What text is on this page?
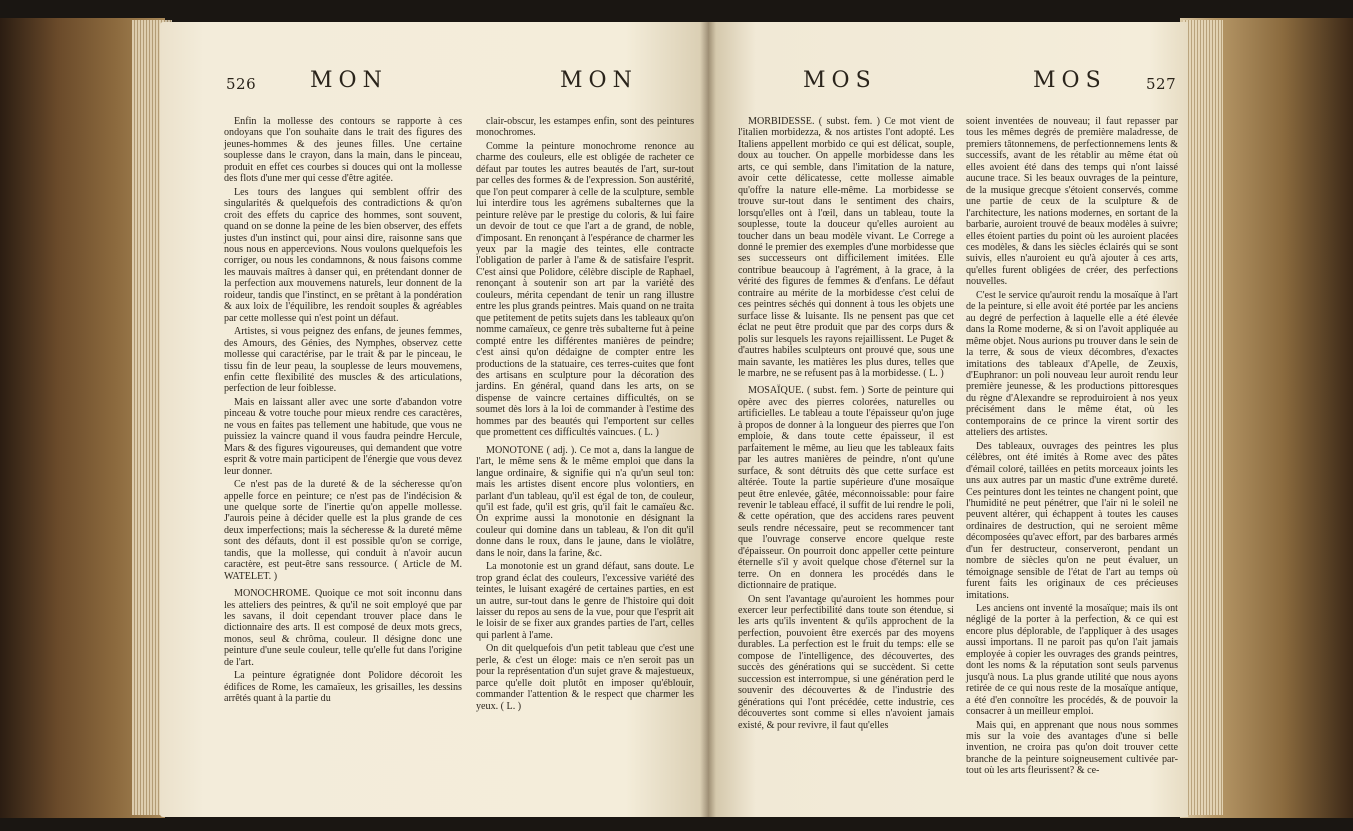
526 MON	MON

Enfin la mollesse des contours se rapporte à ces ondoyans que l'on souhaite dans le trait des figures des jeunes-hommes & des jeunes filles. Une certaine souplesse dans le crayon, dans la main, dans le pinceau, produit en effet ces courbes si douces qui ont la mollesse des flots d'une mer qui cesse d'être agitée.

Les tours des langues qui semblent offrir des singularités & quelquefois des contradictions & qu'on croit des effets du caprice des hommes, sont souvent, quand on se donne la peine de les bien observer, des effets justes d'un instinct qui, pour ainsi dire, raisonne sans que nous nous en appercevions. Nous voulons quelquefois les corriger, ou nous les condamnons, & nous faisons comme les mauvais maîtres à danser qui, en prétendant donner de la perfection aux mouvemens naturels, leur donnent de la roideur, tandis que l'instinct, en se prêtant à la pondération & aux loix de l'équilibre, les rendoit souples & agréables par cette mollesse qui n'est point un défaut.

Artistes, si vous peignez des enfans, de jeunes femmes, des Amours, des Génies, des Nymphes, observez cette mollesse qui caractérise, par le trait & par le pinceau, le tissu fin de leur peau, la souplesse de leurs mouvemens, enfin cette flexibilité des muscles & des articulations, perfection de leur foiblesse.

Mais en laissant aller avec une sorte d'abandon votre pinceau & votre touche pour mieux rendre ces caractères, ne vous en faites pas tellement une habitude, que vous ne puissiez la vaincre quand il vous faudra peindre Hercule, Mars & des figures vigoureuses, qui demandent que votre esprit & votre main participent de l'énergie que vous devez leur donner.

Ce n'est pas de la dureté & de la sécheresse qu'on appelle force en peinture; ce n'est pas de l'indécision & une quelque sorte de l'inertie qu'on appelle mollesse. J'aurois peine à décider quelle est la plus grande de ces deux imperfections; mais la sécheresse & la dureté même sont des défauts, dont il est possible qu'on se corrige, tandis, que la mollesse, qui conduit à n'avoir aucun caractère, est peut-être sans ressource. ( Article de M. WATELET. )

MONOCHROME. Quoique ce mot soit inconnu dans les atteliers des peintres, & qu'il ne soit employé que par les savans, il doit cependant trouver place dans le dictionnaire des arts. Il est composé de deux mots grecs, monos, seul & chrôma, couleur. Il désigne donc une peinture d'une seule couleur, telle qu'elle fut dans l'origine de l'art.

La peinture égratignée dont Polidore décoroit les édifices de Rome, les camaïeux, les grisailles, les dessins arrêtés quant à la partie du

clair-obscur, les estampes enfin, sont des peintures monochromes.

Comme la peinture monochrome renonce au charme des couleurs, elle est obligée de racheter ce défaut par toutes les autres beautés de l'art, sur-tout par celles des formes & de l'expression. Son austérité, que l'on peut comparer à celle de la sculpture, semble lui interdire tous les agrémens subalternes que la peinture relève par le prestige du coloris, & lui faire un devoir de tout ce que l'art a de grand, de noble, d'imposant. En renonçant à l'espérance de charmer les yeux par la magie des teintes, elle contracte l'obligation de parler à l'ame & de satisfaire l'esprit. C'est ainsi que Polidore, célèbre disciple de Raphael, renonçant à soutenir son art par la variété des couleurs, mérita cependant de tenir un rang illustre entre les plus grands peintres. Mais quand on ne traita que petitement de petits sujets dans les tableaux qu'on nomme camaïeux, ce genre très subalterne fut à peine compté entre les différentes manières de peindre; c'est ainsi qu'on dédaigne de compter entre les productions de la statuaire, ces terres-cuites que font des artisans en sculpture pour la décoration des jardins. En général, quand dans les arts, on se dispense de vaincre certaines difficultés, on se soumet dès lors à la loi de commander à l'estime des hommes par des beautés qui l'emportent sur celles que promettent ces difficultés vaincues. ( L. )

MONOTONE ( adj. ). Ce mot a, dans la langue de l'art, le même sens & le même emploi que dans la langue ordinaire, & signifie qui n'a qu'un seul ton: mais les artistes disent encore plus volontiers, en parlant d'un tableau, qu'il est égal de ton, de couleur, qu'il est fade, qu'il est gris, qu'il fait le camaïeu &c. On exprime aussi la monotonie en désignant la couleur qui domine dans un tableau, & l'on dit qu'il donne dans le roux, dans le jaune, dans le violâtre, dans le noir, dans la farine, &c.

La monotonie est un grand défaut, sans doute. Le trop grand éclat des couleurs, l'excessive variété des teintes, le luisant exagéré de certaines parties, en est un autre, sur-tout dans le genre de l'histoire qui doit laisser du repos au sens de la vue, pour que l'esprit ait le loisir de se fixer aux grandes parties de l'art, celles qui parlent à l'ame.

On dit quelquefois d'un petit tableau que c'est une perle, & c'est un éloge: mais ce n'en seroit pas un pour la représentation d'un sujet grave & majestueux, parce qu'elle doit plutôt en imposer qu'éblouir, commander l'attention & le respect que charmer les yeux. ( L. )

MOS	MOS	527

MORBIDESSE. ( subst. fem. ) Ce mot vient de l'italien morbidezza, & nos artistes l'ont adopté. Les Italiens appellent morbido ce qui est délicat, souple, doux au toucher. On appelle morbidesse dans les arts, ce qui semble, dans l'imitation de la nature, avoir cette délicatesse, cette mollesse aimable qu'offre la nature elle-même. La morbidesse se trouve sur-tout dans le sentiment des chairs, lorsqu'elles ont à l'œil, dans un tableau, toute la souplesse, toute la douceur qu'elles auroient au toucher dans un beau modèle vivant. Le Correge a donné le premier des exemples d'une morbidesse que ses successeurs ont difficilement imitées. Elle contribue beaucoup à l'agrément, à la grace, à la vérité des figures de femmes & d'enfans. Le défaut contraire au mérite de la morbidesse c'est celui de ces peintres séchés qui donnent à tous les objets une surface lisse & luisante. Ils ne pensent pas que cet éclat ne peut être produit que par des corps durs & polis sur lesquels les rayons rejaillissent. Le Puget & d'autres habiles sculpteurs ont prouvé que, sous une main savante, les matières les plus dures, telles que le marbre, ne se refusent pas à la morbidesse. ( L. )

MOSAÏQUE. ( subst. fem. ) Sorte de peinture qui opère avec des pierres colorées, naturelles ou artificielles. Le tableau a toute l'épaisseur qu'on juge à propos de donner à la longueur des pierres que l'on emploie, & dans toute cette épaisseur, il est parfaitement le même, au lieu que les tableaux faits par les autres manières de peindre, n'ont qu'une surface, & sont détruits dès que cette surface est altérée. Toute la partie supérieure d'une mosaïque peut être enlevée, gâtée, méconnoissable: pour faire revenir le tableau effacé, il suffit de lui rendre le poli, & cette opération, que des accidens rares peuvent seuls rendre nécessaire, peut se recommencer tant que l'ouvrage conserve encore quelque reste d'épaisseur. On pourroit donc appeller cette peinture éternelle s'il y avoit quelque chose d'éternel sur la terre. On en donnera les procédés dans le dictionnaire de pratique.

On sent l'avantage qu'auroient les hommes pour exercer leur perfectibilité dans toute son étendue, si les arts qu'ils inventent & qu'ils approchent de la perfection, pouvoient être exercés par des moyens durables. La perfection est le fruit du temps: elle se compose de l'intelligence, des découvertes, des succès des générations qui se succèdent. Si cette succession est interrompue, si une génération perd le souvenir des découvertes & de l'industrie des générations qui l'ont précédée, cette industrie, ces découvertes sont comme si elles n'avoient jamais existé, & pour revivre, il faut qu'elles

soient inventées de nouveau; il faut repasser par tous les mêmes degrés de première maladresse, de premiers tâtonnemens, de perfectionnemens lents & successifs, avant de les rétablir au même état où elles avoient été dans des temps qui n'ont laissé aucune trace. Si les beaux ouvrages de la peinture, de la musique grecque s'étoient conservés, comme une partie de ceux de la sculpture & de l'architecture, les nations modernes, en sortant de la barbarie, auroient trouvé de beaux modèles à suivre; elles étoient parties du point où les auroient placées ces modèles, & dans les siècles éclairés qui se sont suivis, elles n'auroient eu qu'à ajouter à ces arts, qu'elles furent obligées de créer, des perfections nouvelles.

C'est le service qu'auroit rendu la mosaïque à l'art de la peinture, si elle avoit été portée par les anciens au degré de perfection à laquelle elle a été élevée dans la Rome moderne, & si on l'avoit appliquée au même objet. Nous aurions pu trouver dans le sein de la terre, & sous de vieux décombres, d'exactes imitations des tableaux d'Apelle, de Zeuxis, d'Euphranor: un poli nouveau leur auroit rendu leur première jeunesse, & les productions pittoresques du règne d'Alexandre se reproduiroient à nos yeux précisément dans le même état, où les contemporains de ce prince la virent sortir des atteliers des artistes.

Des tableaux, ouvrages des peintres les plus célèbres, ont été imités à Rome avec des pâtes d'émail coloré, taillées en petits morceaux joints les uns aux autres par un mastic d'une extrême dureté. Ces peintures dont les teintes ne changent point, que l'humidité ne peut pénétrer, que l'air ni le soleil ne peuvent altérer, qui échappent à toutes les causes ordinaires de destruction, qui ne seroient même décomposées qu'avec effort, par des barbares armés d'un fer destructeur, conserveront, pendant un nombre de siècles qu'on ne peut évaluer, un témoignage sensible de l'état de l'art au temps où furent faits les originaux de ces précieuses imitations.

Les anciens ont inventé la mosaïque; mais ils ont négligé de la porter à la perfection, & ce qui est encore plus déplorable, de l'appliquer à des usages aussi importans. Il ne paroit pas qu'on l'ait jamais employée à copier les ouvrages des grands peintres, dont les noms & la réputation sont seuls parvenus jusqu'à nous. La plus grande utilité que nous ayons retirée de ce qui nous reste de la mosaïque antique, a été d'en connoître les procédés, & de pouvoir la consacrer à un meilleur emploi.

Mais qui, en apprenant que nous nous sommes mis sur la voie des avantages d'une si belle invention, ne croira pas qu'on doit trouver cette branche de la peinture soigneusement cultivée par-tout où les arts fleurissent? & ce-
